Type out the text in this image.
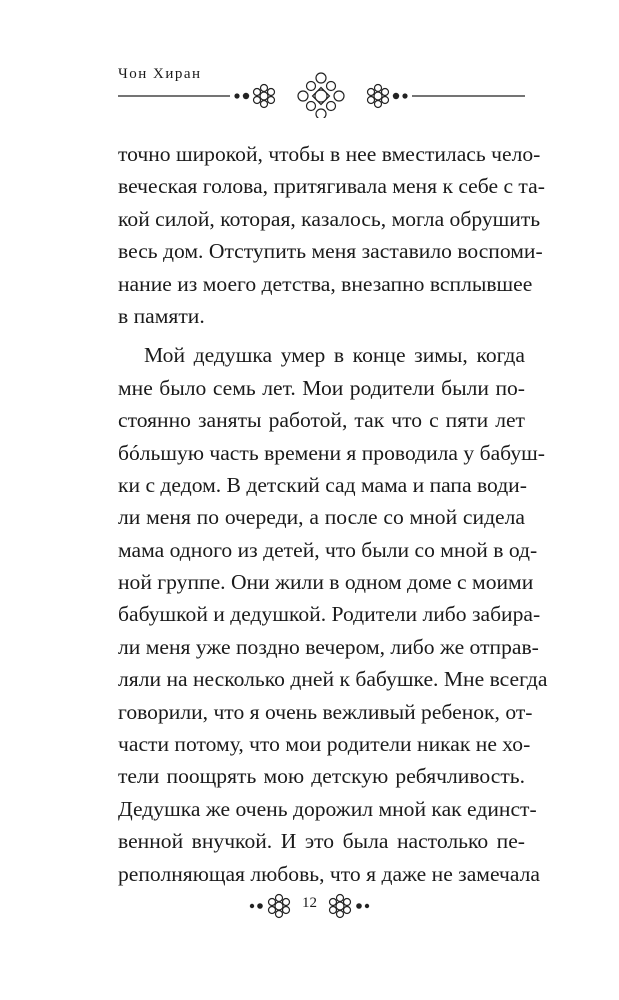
Чон Хиран

точно широкой, чтобы в нее вместилась чело-
веческая голова, притягивала меня к себе с та-
кой силой, которая, казалось, могла обрушить
весь дом. Отступить меня заставило воспоми-
нание из моего детства, внезапно всплывшее
в памяти.

Мой дедушка умер в конце зимы, когда
мне было семь лет. Мои родители были по-
стоянно заняты работой, так что с пяти лет
бóльшую часть времени я проводила у бабуш-
ки с дедом. В детский сад мама и папа води-
ли меня по очереди, а после со мной сидела
мама одного из детей, что были со мной в од-
ной группе. Они жили в одном доме с моими
бабушкой и дедушкой. Родители либо забира-
ли меня уже поздно вечером, либо же отправ-
ляли на несколько дней к бабушке. Мне всегда
говорили, что я очень вежливый ребенок, от-
части потому, что мои родители никак не хо-
тели поощрять мою детскую ребячливость.
Дедушка же очень дорожил мной как единст-
венной внучкой. И это была настолько пе-
реполняющая любовь, что я даже не замечала

12
